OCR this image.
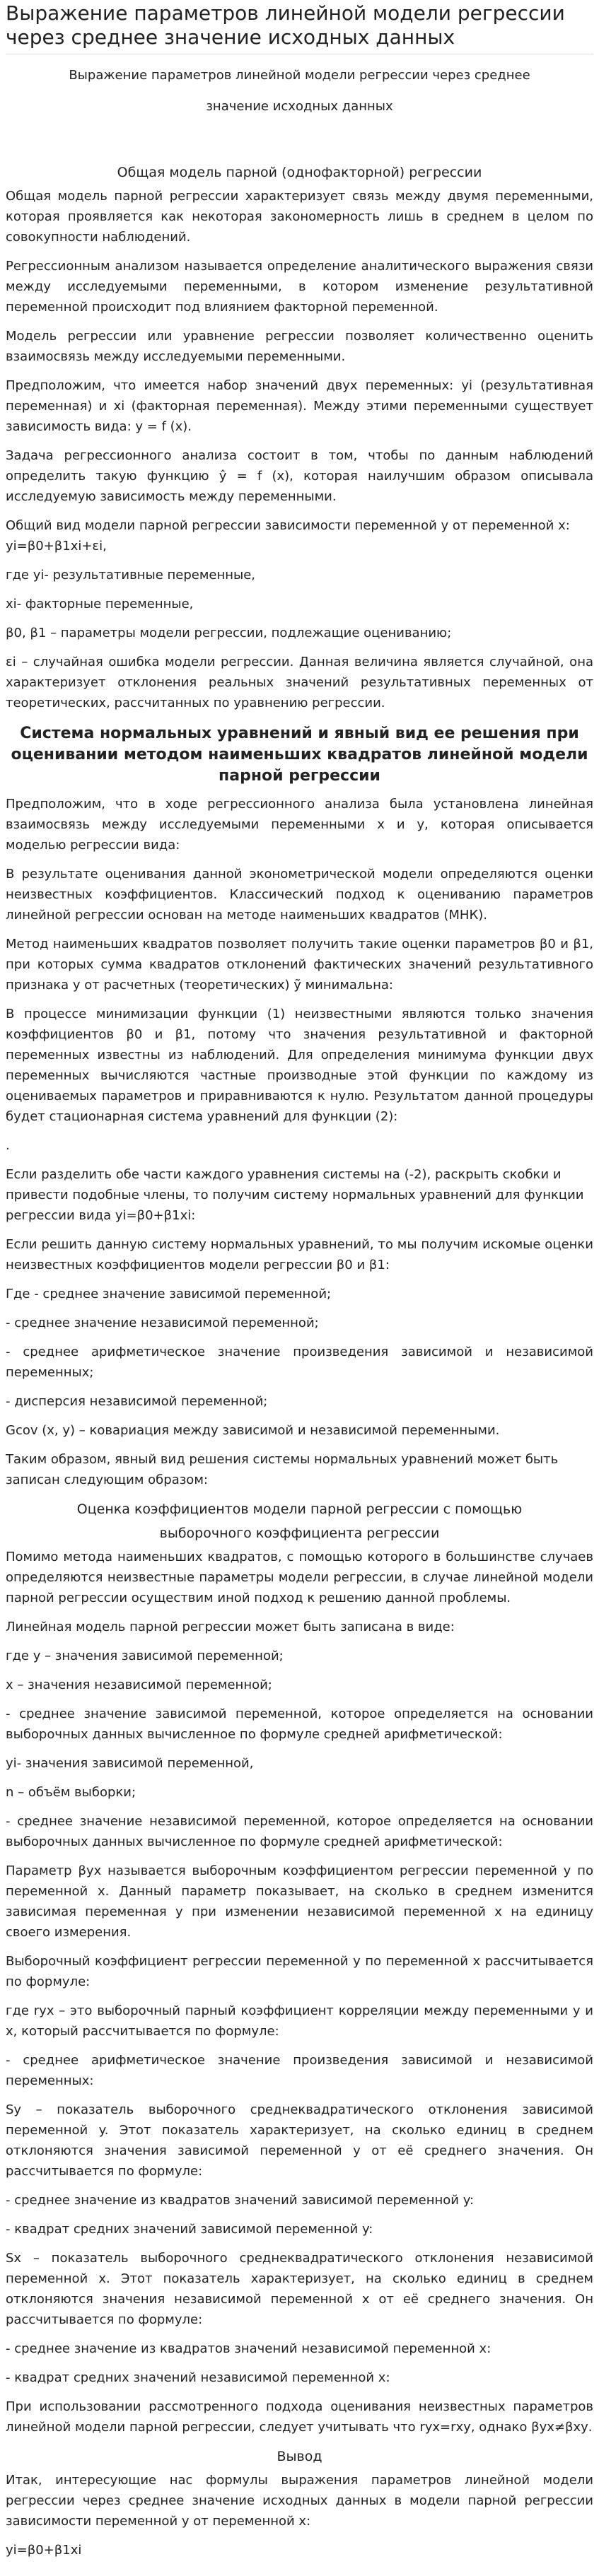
Выражение параметров линейной модели регрессии через среднее значение исходных данных

Выражение параметров линейной модели регрессии через среднее

значение исходных данных

Общая модель парной (однофакторной) регрессии

Общая модель парной регрессии характеризует связь между двумя переменными, которая проявляется как некоторая закономерность лишь в среднем в целом по совокупности наблюдений.

Регрессионным анализом называется определение аналитического выражения связи между исследуемыми переменными, в котором изменение результативной переменной происходит под влиянием факторной переменной.

Модель регрессии или уравнение регрессии позволяет количественно оценить взаимосвязь между исследуемыми переменными.

Предположим, что имеется набор значений двух переменных: yi (результативная переменная) и xi (факторная переменная). Между этими переменными существует зависимость вида: y = f (x).

Задача регрессионного анализа состоит в том, чтобы по данным наблюдений определить такую функцию ŷ = f (x), которая наилучшим образом описывала исследуемую зависимость между переменными.

Общий вид модели парной регрессии зависимости переменной y от переменной x: yi=β0+β1xi+εi,

где yi- результативные переменные,

xi- факторные переменные,

β0, β1 – параметры модели регрессии, подлежащие оцениванию;

εi – случайная ошибка модели регрессии. Данная величина является случайной, она характеризует отклонения реальных значений результативных переменных от теоретических, рассчитанных по уравнению регрессии.

Система нормальных уравнений и явный вид ее решения при оценивании методом наименьших квадратов линейной модели парной регрессии

Предположим, что в ходе регрессионного анализа была установлена линейная взаимосвязь между исследуемыми переменными x и y, которая описывается моделью регрессии вида:

В результате оценивания данной эконометрической модели определяются оценки неизвестных коэффициентов. Классический подход к оцениванию параметров линейной регрессии основан на методе наименьших квадратов (МНК).

Метод наименьших квадратов позволяет получить такие оценки параметров β0 и β1, при которых сумма квадратов отклонений фактических значений результативного признака y от расчетных (теоретических) ỹ минимальна:

В процессе минимизации функции (1) неизвестными являются только значения коэффициентов β0 и β1, потому что значения результативной и факторной переменных известны из наблюдений. Для определения минимума функции двух переменных вычисляются частные производные этой функции по каждому из оцениваемых параметров и приравниваются к нулю. Результатом данной процедуры будет стационарная система уравнений для функции (2):

.

Если разделить обе части каждого уравнения системы на (-2), раскрыть скобки и привести подобные члены, то получим систему нормальных уравнений для функции регрессии вида yi=β0+β1xi:

Если решить данную систему нормальных уравнений, то мы получим искомые оценки неизвестных коэффициентов модели регрессии β0 и β1:

Где - среднее значение зависимой переменной;

- среднее значение независимой переменной;

- среднее арифметическое значение произведения зависимой и независимой переменных;

- дисперсия независимой переменной;

Gcov (x, y) – ковариация между зависимой и независимой переменными.

Таким образом, явный вид решения системы нормальных уравнений может быть записан следующим образом:

Оценка коэффициентов модели парной регрессии с помощью

выборочного коэффициента регрессии

Помимо метода наименьших квадратов, с помощью которого в большинстве случаев определяются неизвестные параметры модели регрессии, в случае линейной модели парной регрессии осуществим иной подход к решению данной проблемы.

Линейная модель парной регрессии может быть записана в виде:

где y – значения зависимой переменной;

x – значения независимой переменной;

- среднее значение зависимой переменной, которое определяется на основании выборочных данных вычисленное по формуле средней арифметической:

yi- значения зависимой переменной,

n – объём выборки;

- среднее значение независимой переменной, которое определяется на основании выборочных данных вычисленное по формуле средней арифметической:

Параметр βyx называется выборочным коэффициентом регрессии переменной y по переменной x. Данный параметр показывает, на сколько в среднем изменится зависимая переменная y при изменении независимой переменной x на единицу своего измерения.

Выборочный коэффициент регрессии переменной y по переменной x рассчитывается по формуле:

где rух – это выборочный парный коэффициент корреляции между переменными y и x, который рассчитывается по формуле:

- среднее арифметическое значение произведения зависимой и независимой переменных:

Sy – показатель выборочного среднеквадратического отклонения зависимой переменной y. Этот показатель характеризует, на сколько единиц в среднем отклоняются значения зависимой переменной y от её среднего значения. Он рассчитывается по формуле:

- среднее значение из квадратов значений зависимой переменной y:

- квадрат средних значений зависимой переменной y:

Sx – показатель выборочного среднеквадратического отклонения независимой переменной x. Этот показатель характеризует, на сколько единиц в среднем отклоняются значения независимой переменной x от её среднего значения. Он рассчитывается по формуле:

- среднее значение из квадратов значений независимой переменной x:

- квадрат средних значений независимой переменной x:

При использовании рассмотренного подхода оценивания неизвестных параметров линейной модели парной регрессии, следует учитывать что rух=rху, однако βух≠βху.

Вывод

Итак, интересующие нас формулы выражения параметров линейной модели регрессии через среднее значение исходных данных в модели парной регрессии зависимости переменной y от переменной x:

yi=β0+β1xi
